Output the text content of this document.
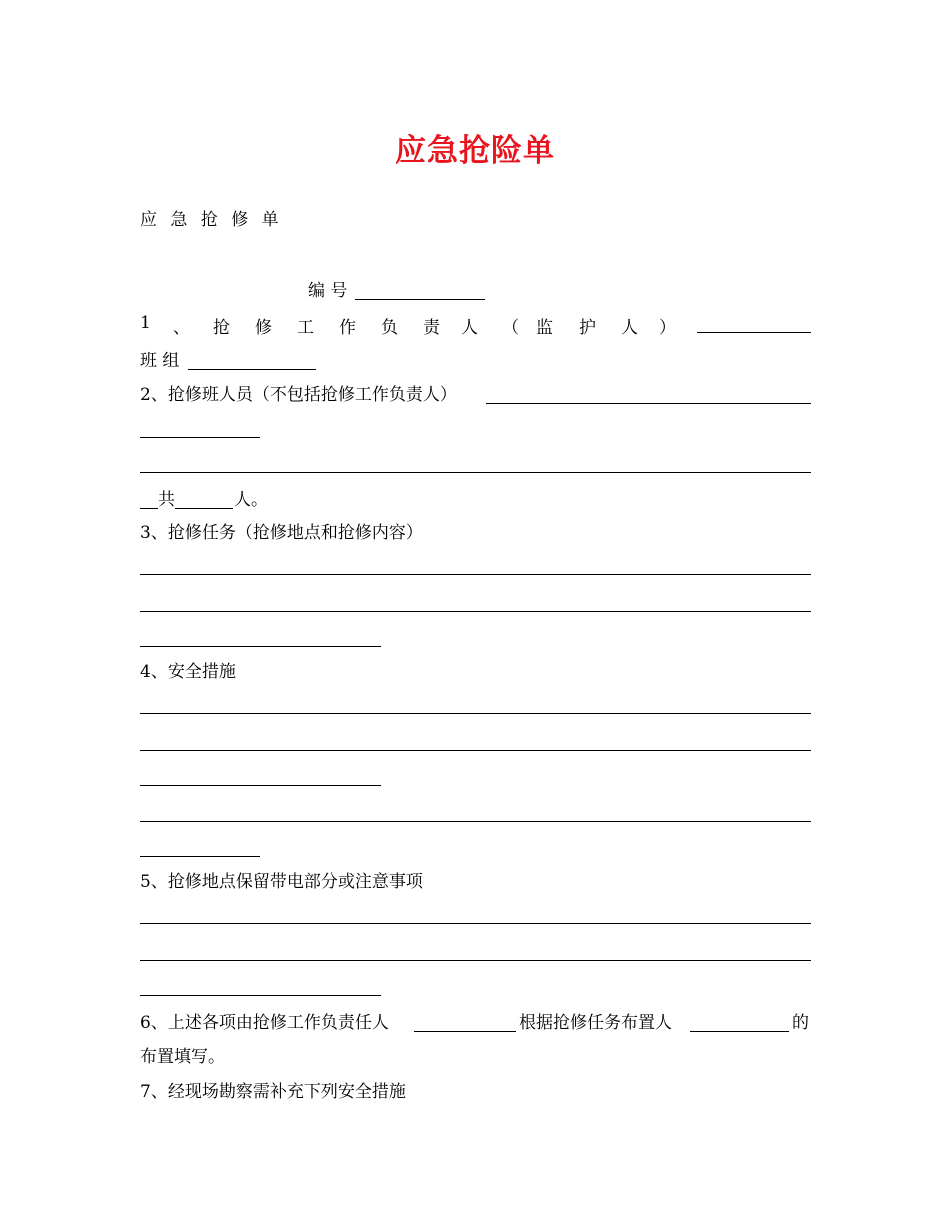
应急抢险单
应 急 抢 修 单
编 号
1 、 抢 修 工 作 负 责 人 （ 监 护 人 ）
班 组
2、抢修班人员（不包括抢修工作负责人）
共	人。
3、抢修任务（抢修地点和抢修内容）
4、安全措施
5、抢修地点保留带电部分或注意事项
6、上述各项由抢修工作负责任人	根据抢修任务布置人	的
布置填写。
7、经现场勘察需补充下列安全措施
